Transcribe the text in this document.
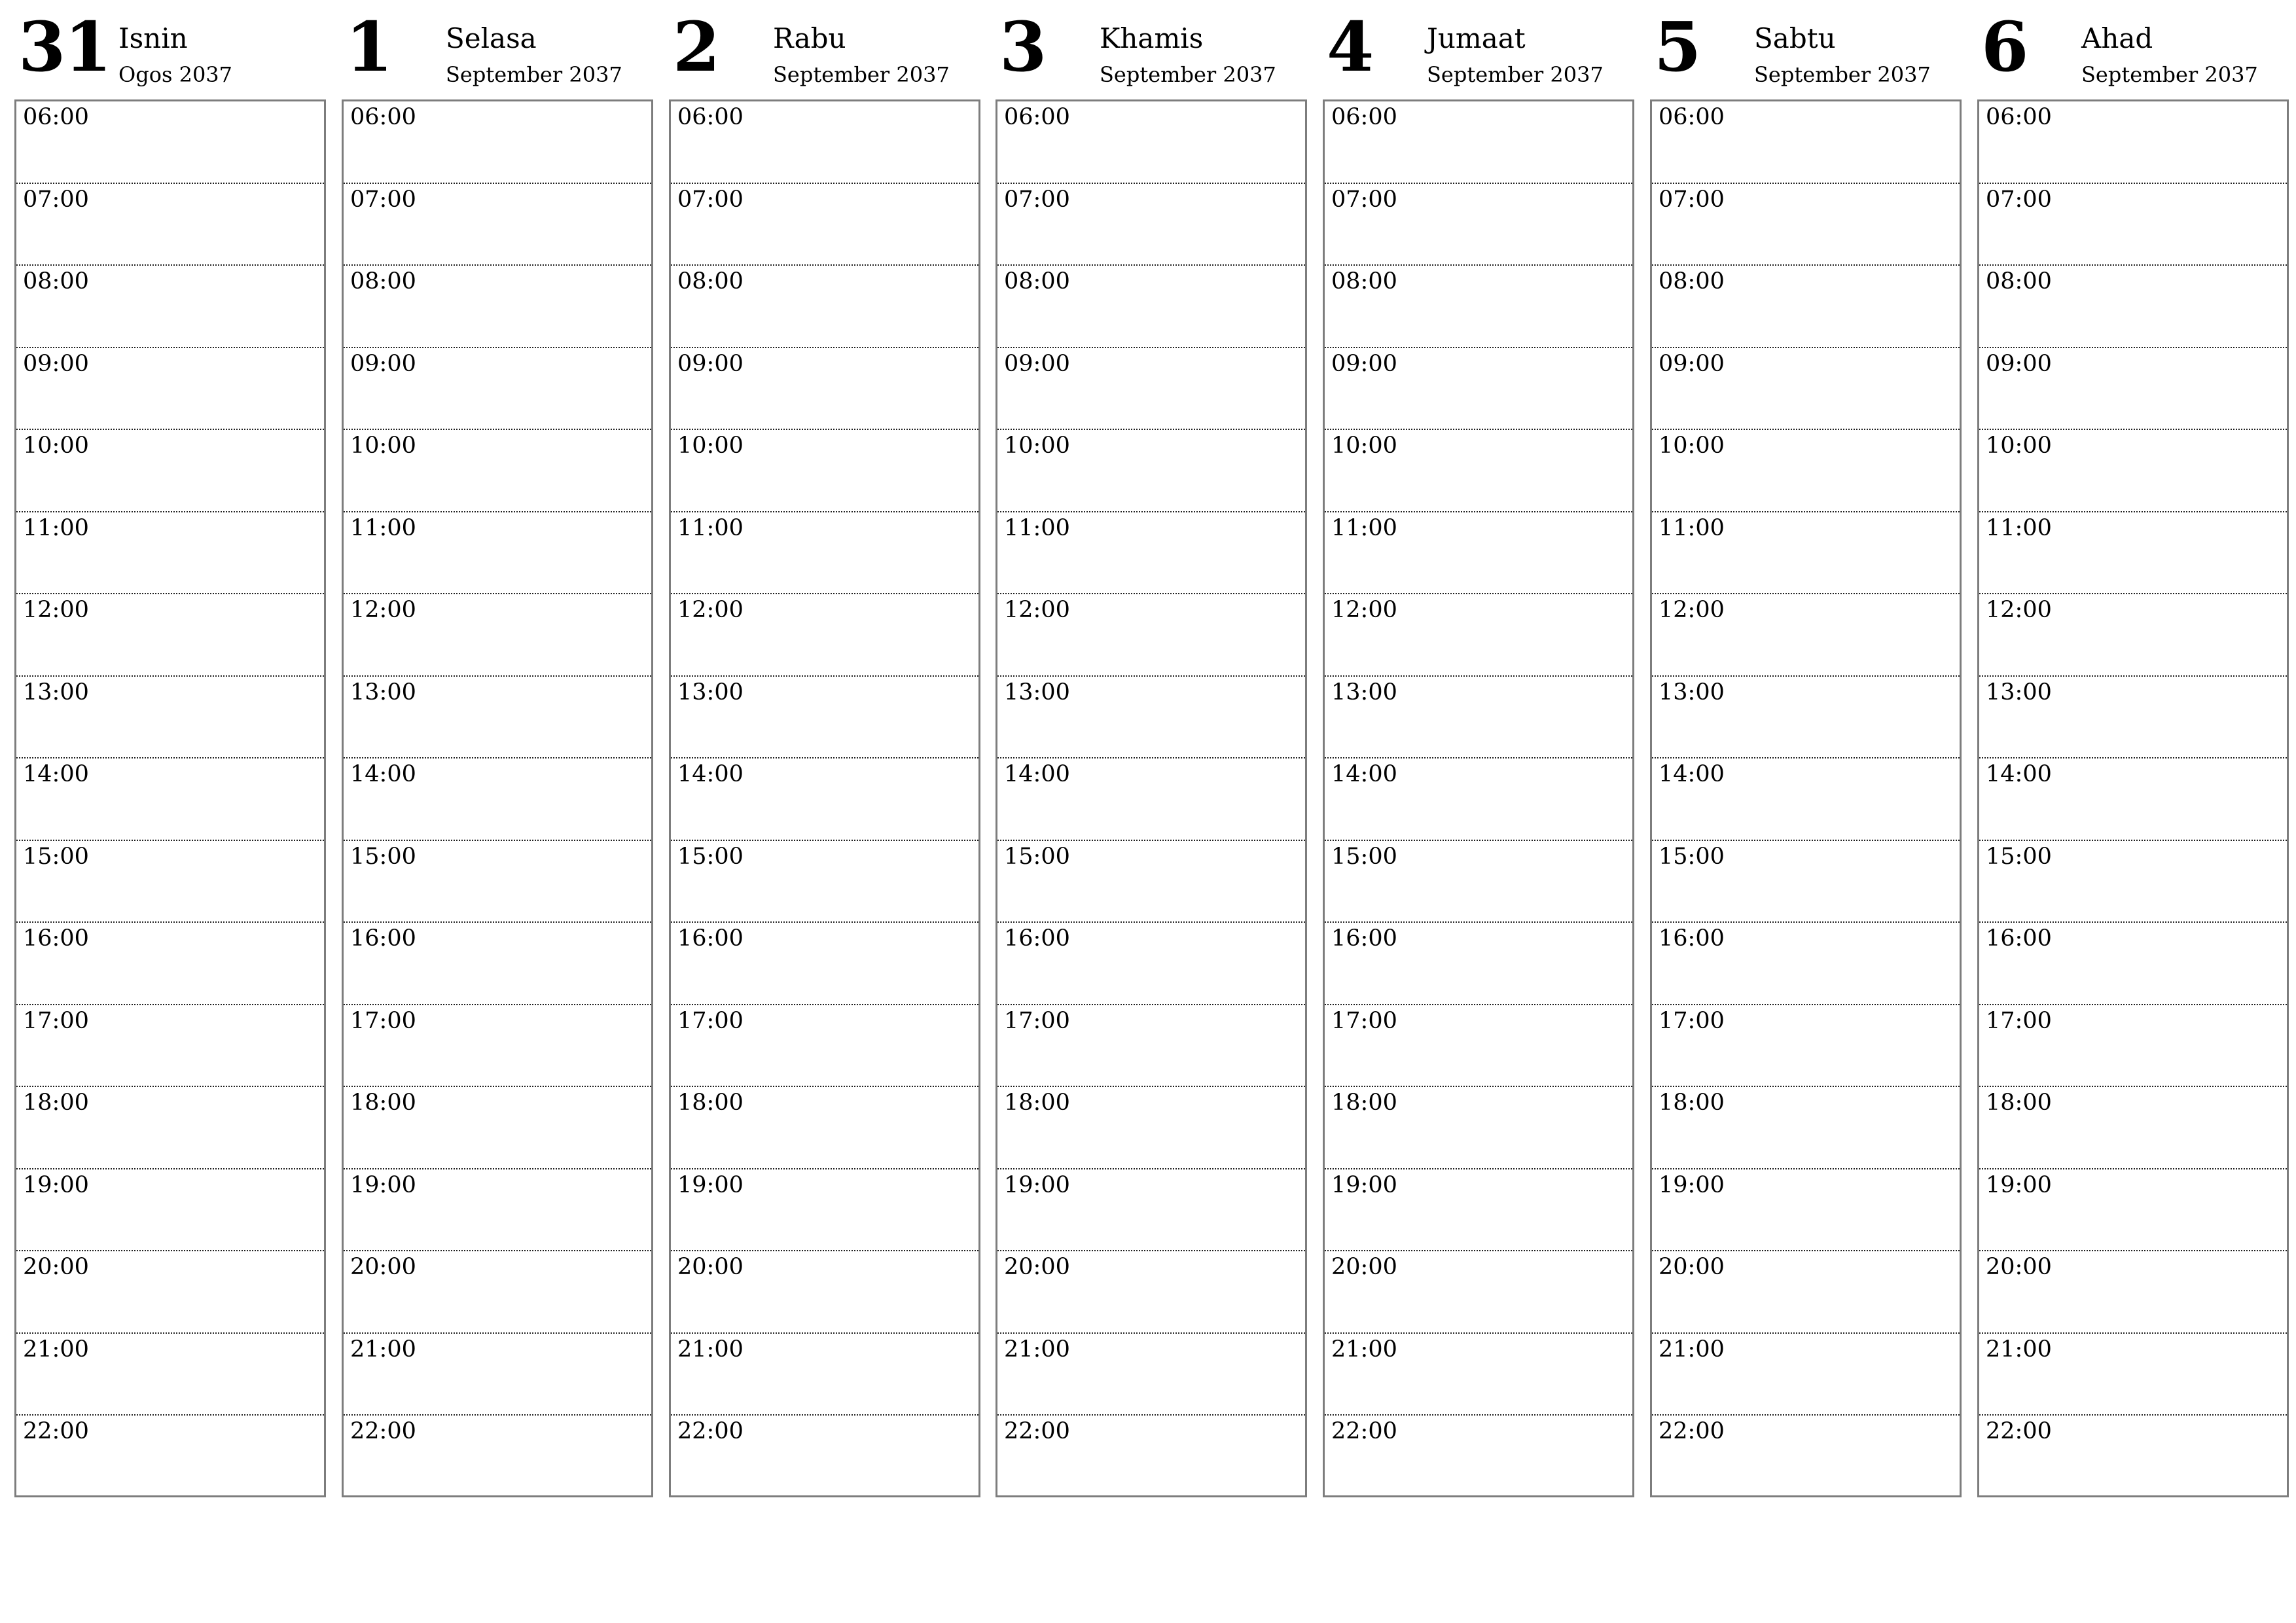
31 Isnin
Ogos 2037
06:00
07:00
08:00
09:00
10:00
11:00
12:00
13:00
14:00
15:00
16:00
17:00
18:00
19:00
20:00
21:00
22:00
1 Selasa
September 2037
06:00
07:00
08:00
09:00
10:00
11:00
12:00
13:00
14:00
15:00
16:00
17:00
18:00
19:00
20:00
21:00
22:00
2 Rabu
September 2037
06:00
07:00
08:00
09:00
10:00
11:00
12:00
13:00
14:00
15:00
16:00
17:00
18:00
19:00
20:00
21:00
22:00
3 Khamis
September 2037
06:00
07:00
08:00
09:00
10:00
11:00
12:00
13:00
14:00
15:00
16:00
17:00
18:00
19:00
20:00
21:00
22:00
4 Jumaat
September 2037
06:00
07:00
08:00
09:00
10:00
11:00
12:00
13:00
14:00
15:00
16:00
17:00
18:00
19:00
20:00
21:00
22:00
5 Sabtu
September 2037
06:00
07:00
08:00
09:00
10:00
11:00
12:00
13:00
14:00
15:00
16:00
17:00
18:00
19:00
20:00
21:00
22:00
6 Ahad
September 2037
06:00
07:00
08:00
09:00
10:00
11:00
12:00
13:00
14:00
15:00
16:00
17:00
18:00
19:00
20:00
21:00
22:00
